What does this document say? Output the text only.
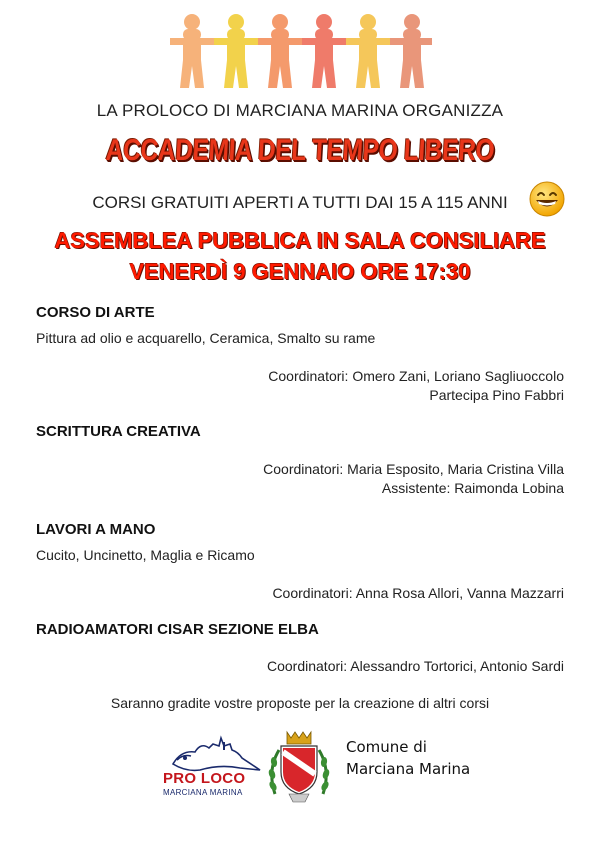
LA PROLOCO DI MARCIANA MARINA ORGANIZZA
ACCADEMIA DEL TEMPO LIBERO
CORSI GRATUITI APERTI A TUTTI DAI 15 A 115 ANNI
ASSEMBLEA PUBBLICA IN SALA CONSILIARE
VENERDÌ 9 GENNAIO ORE 17:30
CORSO DI ARTE
Pittura ad olio e acquarello, Ceramica, Smalto su rame
Coordinatori: Omero Zani, Loriano Sagliuoccolo
Partecipa Pino Fabbri
SCRITTURA CREATIVA
Coordinatori: Maria Esposito, Maria Cristina Villa
Assistente: Raimonda Lobina
LAVORI A MANO
Cucito, Uncinetto, Maglia e Ricamo
Coordinatori: Anna Rosa Allori, Vanna Mazzarri
RADIOAMATORI CISAR SEZIONE ELBA
Coordinatori: Alessandro Tortorici, Antonio Sardi
Saranno gradite vostre proposte per la creazione di altri corsi
PRO LOCO
MARCIANA MARINA
Comune di
Marciana Marina
